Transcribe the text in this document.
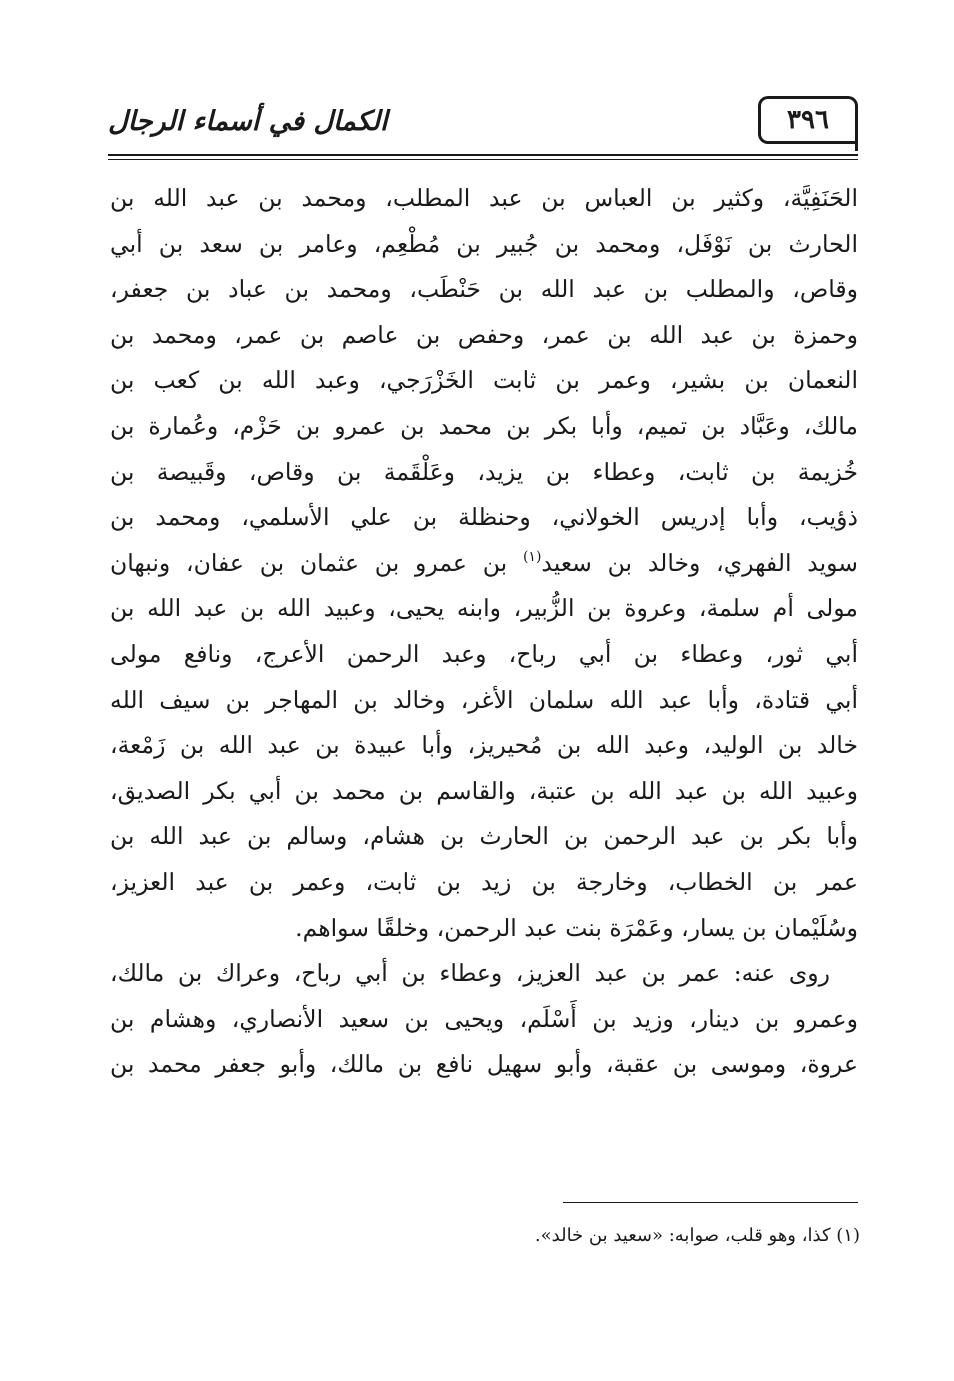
الكمال في أسماء الرجال	٣٩٦
الحَنَفِيَّة، وكثير بن العباس بن عبد المطلب، ومحمد بن عبد الله بن
الحارث بن نَوْفَل، ومحمد بن جُبير بن مُطْعِم، وعامر بن سعد بن أبي
وقاص، والمطلب بن عبد الله بن حَنْطَب، ومحمد بن عباد بن جعفر،
وحمزة بن عبد الله بن عمر، وحفص بن عاصم بن عمر، ومحمد بن
النعمان بن بشير، وعمر بن ثابت الخَزْرَجي، وعبد الله بن كعب بن
مالك، وعَبَّاد بن تميم، وأبا بكر بن محمد بن عمرو بن حَزْم، وعُمارة بن
خُزيمة بن ثابت، وعطاء بن يزيد، وعَلْقَمة بن وقاص، وقَبيصة بن
ذؤيب، وأبا إدريس الخولاني، وحنظلة بن علي الأسلمي، ومحمد بن
سويد الفهري، وخالد بن سعيد$^{(١)}$ بن عمرو بن عثمان بن عفان، ونبهان
مولى أم سلمة، وعروة بن الزُّبير، وابنه يحيى، وعبيد الله بن عبد الله بن
أبي ثور، وعطاء بن أبي رباح، وعبد الرحمن الأعرج، ونافع مولى
أبي قتادة، وأبا عبد الله سلمان الأغر، وخالد بن المهاجر بن سيف الله
خالد بن الوليد، وعبد الله بن مُحيريز، وأبا عبيدة بن عبد الله بن زَمْعة،
وعبيد الله بن عبد الله بن عتبة، والقاسم بن محمد بن أبي بكر الصديق،
وأبا بكر بن عبد الرحمن بن الحارث بن هشام، وسالم بن عبد الله بن
عمر بن الخطاب، وخارجة بن زيد بن ثابت، وعمر بن عبد العزيز،
وسُلَيْمان بن يسار، وعَمْرَة بنت عبد الرحمن، وخلقًا سواهم.
روى عنه: عمر بن عبد العزيز، وعطاء بن أبي رباح، وعراك بن مالك،
وعمرو بن دينار، وزيد بن أَسْلَم، ويحيى بن سعيد الأنصاري، وهشام بن
عروة، وموسى بن عقبة، وأبو سهيل نافع بن مالك، وأبو جعفر محمد بن
(١) كذا، وهو قلب، صوابه: «سعيد بن خالد».
